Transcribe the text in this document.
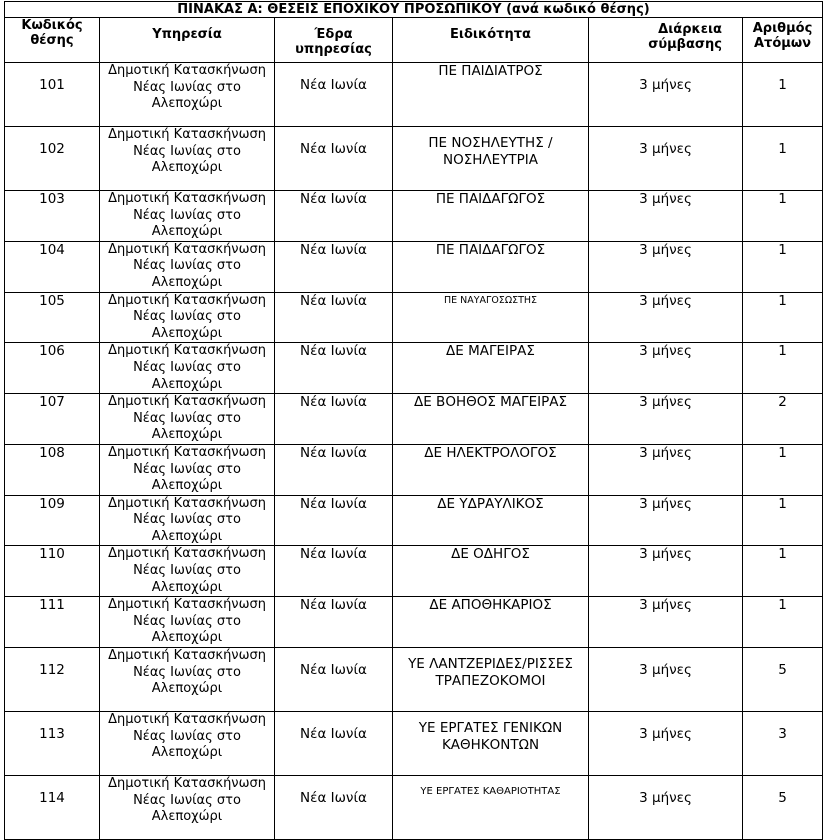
ΠΙΝΑΚΑΣ Α: ΘΕΣΕΙΣ ΕΠΟΧΙΚΟΥ ΠΡΟΣΩΠΙΚΟΥ (ανά κωδικό θέσης)					
Κωδικός θέσης	Υπηρεσία	Έδρα υπηρεσίας	Ειδικότητα	Διάρκεια σύμβασης	Αριθμός Ατόμων
101	Δημοτική Κατασκήνωση Νέας Ιωνίας στο Αλεποχώρι	Νέα Ιωνία	ΠΕ ΠΑΙΔΙΑΤΡΟΣ	3 μήνες	1
102	Δημοτική Κατασκήνωση Νέας Ιωνίας στο Αλεποχώρι	Νέα Ιωνία	ΠΕ ΝΟΣΗΛΕΥΤΗΣ / ΝΟΣΗΛΕΥΤΡΙΑ	3 μήνες	1
103	Δημοτική Κατασκήνωση Νέας Ιωνίας στο Αλεποχώρι	Νέα Ιωνία	ΠΕ ΠΑΙΔΑΓΩΓΟΣ	3 μήνες	1
104	Δημοτική Κατασκήνωση Νέας Ιωνίας στο Αλεποχώρι	Νέα Ιωνία	ΠΕ ΠΑΙΔΑΓΩΓΟΣ	3 μήνες	1
105	Δημοτική Κατασκήνωση Νέας Ιωνίας στο Αλεποχώρι	Νέα Ιωνία	ΠΕ ΝΑΥΑΓΟΣΩΣΤΗΣ	3 μήνες	1
106	Δημοτική Κατασκήνωση Νέας Ιωνίας στο Αλεποχώρι	Νέα Ιωνία	ΔΕ ΜΑΓΕΙΡΑΣ	3 μήνες	1
107	Δημοτική Κατασκήνωση Νέας Ιωνίας στο Αλεποχώρι	Νέα Ιωνία	ΔΕ ΒΟΗΘΟΣ ΜΑΓΕΙΡΑΣ	3 μήνες	2
108	Δημοτική Κατασκήνωση Νέας Ιωνίας στο Αλεποχώρι	Νέα Ιωνία	ΔΕ ΗΛΕΚΤΡΟΛΟΓΟΣ	3 μήνες	1
109	Δημοτική Κατασκήνωση Νέας Ιωνίας στο Αλεποχώρι	Νέα Ιωνία	ΔΕ ΥΔΡΑΥΛΙΚΟΣ	3 μήνες	1
110	Δημοτική Κατασκήνωση Νέας Ιωνίας στο Αλεποχώρι	Νέα Ιωνία	ΔΕ ΟΔΗΓΟΣ	3 μήνες	1
111	Δημοτική Κατασκήνωση Νέας Ιωνίας στο Αλεποχώρι	Νέα Ιωνία	ΔΕ ΑΠΟΘΗΚΑΡΙΟΣ	3 μήνες	1
112	Δημοτική Κατασκήνωση Νέας Ιωνίας στο Αλεποχώρι	Νέα Ιωνία	ΥΕ ΛΑΝΤΖΕΡΙΔΕΣ/ΡΙΣΣΕΣ ΤΡΑΠΕΖΟΚΟΜΟΙ	3 μήνες	5
113	Δημοτική Κατασκήνωση Νέας Ιωνίας στο Αλεποχώρι	Νέα Ιωνία	ΥΕ ΕΡΓΑΤΕΣ ΓΕΝΙΚΩΝ ΚΑΘΗΚΟΝΤΩΝ	3 μήνες	3
114	Δημοτική Κατασκήνωση Νέας Ιωνίας στο Αλεποχώρι	Νέα Ιωνία	ΥΕ ΕΡΓΑΤΕΣ ΚΑΘΑΡΙΟΤΗΤΑΣ	3 μήνες	5
